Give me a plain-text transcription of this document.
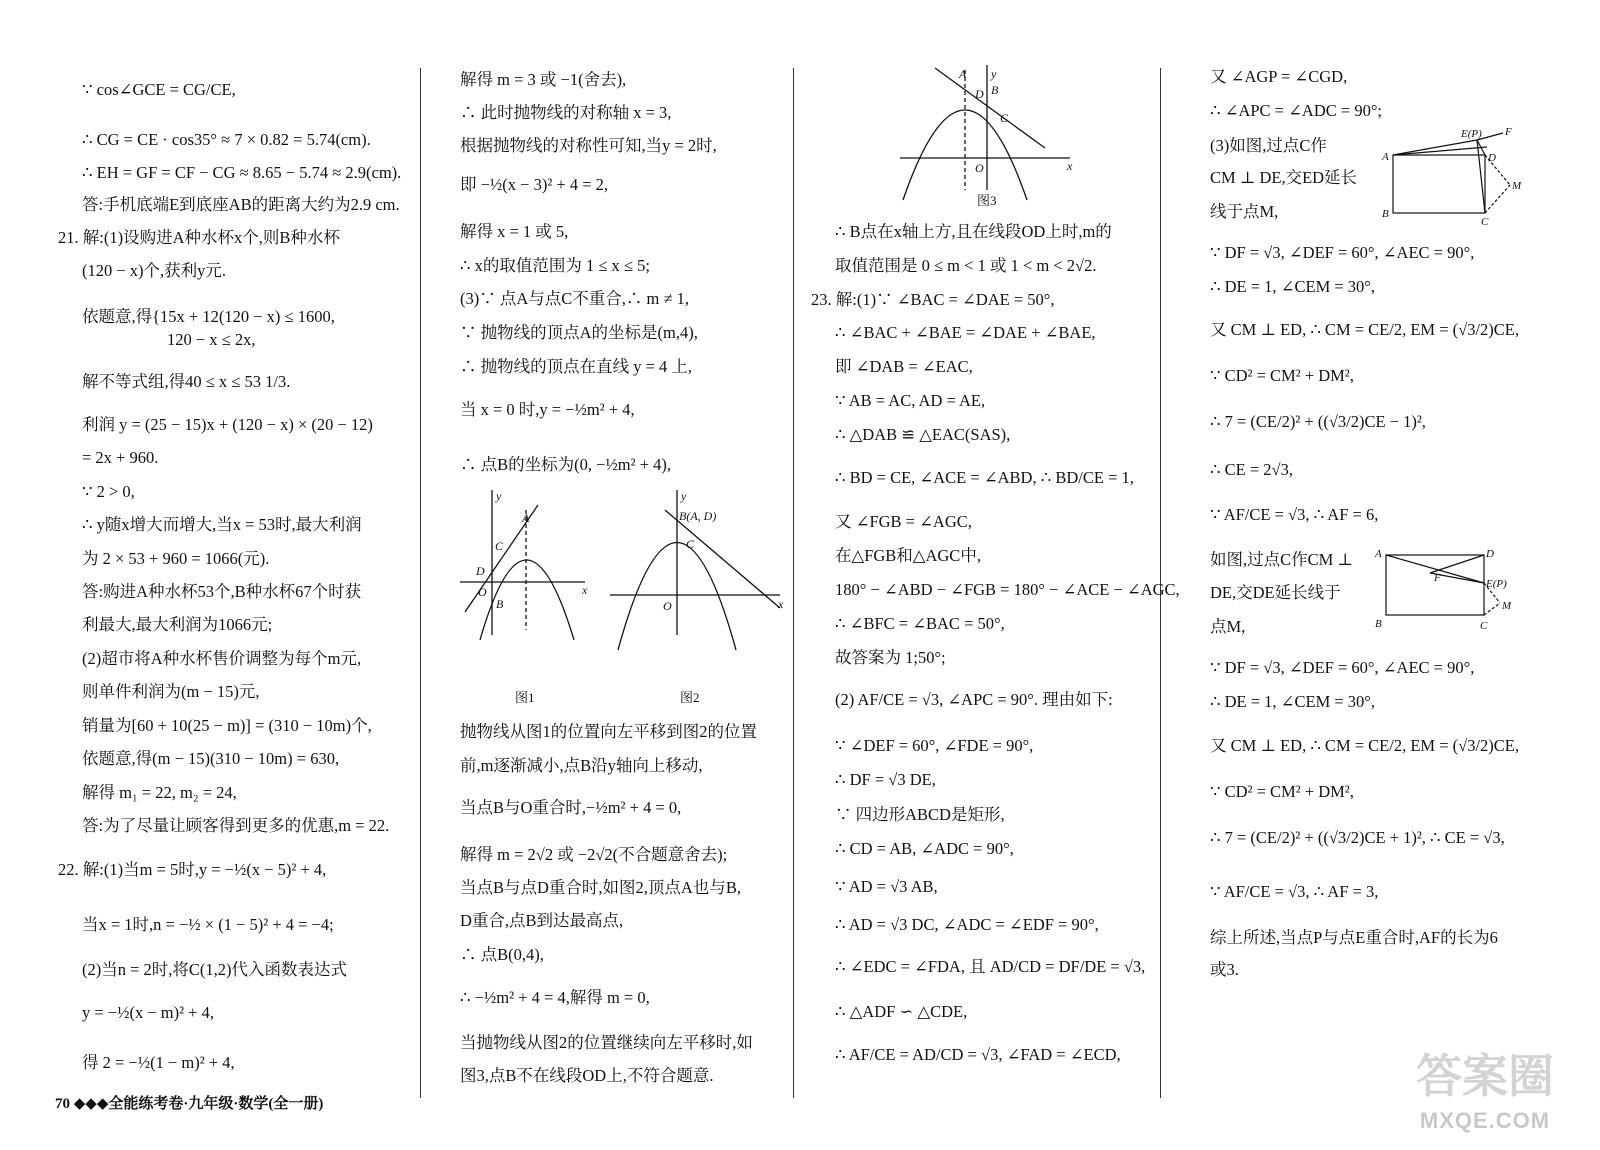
∵ cos∠GCE = CG/CE,
∴ CG = CE · cos35° ≈ 7 × 0.82 = 5.74(cm).
∴ EH = GF = CF − CG ≈ 8.65 − 5.74 ≈ 2.9(cm).
答:手机底端E到底座AB的距离大约为2.9 cm.
21. 解:(1)设购进A种水杯x个,则B种水杯
(120 − x)个,获利y元.
依题意,得{15x + 12(120 − x) ≤ 1600,
120 − x ≤ 2x,
解不等式组,得40 ≤ x ≤ 53 1/3.
利润 y = (25 − 15)x + (120 − x) × (20 − 12)
= 2x + 960.
∵ 2 > 0,
∴ y随x增大而增大,当x = 53时,最大利润
为 2 × 53 + 960 = 1066(元).
答:购进A种水杯53个,B种水杯67个时获
利最大,最大利润为1066元;
(2)超市将A种水杯售价调整为每个m元,
则单件利润为(m − 15)元,
销量为[60 + 10(25 − m)] = (310 − 10m)个,
依题意,得(m − 15)(310 − 10m) = 630,
解得 m₁ = 22, m₂ = 24,
答:为了尽量让顾客得到更多的优惠,m = 22.
22. 解:(1)当m = 5时,y = −½(x − 5)² + 4,
当x = 1时,n = −½ × (1 − 5)² + 4 = −4;
(2)当n = 2时,将C(1,2)代入函数表达式
y = −½(x − m)² + 4,
得 2 = −½(1 − m)² + 4,
解得 m = 3 或 −1(舍去),
∴ 此时抛物线的对称轴 x = 3,
根据抛物线的对称性可知,当y = 2时,
即 −½(x − 3)² + 4 = 2,
解得 x = 1 或 5,
∴ x的取值范围为 1 ≤ x ≤ 5;
(3)∵ 点A与点C不重合,∴ m ≠ 1,
∵ 抛物线的顶点A的坐标是(m,4),
∴ 抛物线的顶点在直线 y = 4 上,
当 x = 0 时,y = −½m² + 4,
∴ 点B的坐标为(0, −½m² + 4),
y
A
C
D
O
B
x
y
B(A, D)
C
O	x
图1	图2
抛物线从图1的位置向左平移到图2的位置
前,m逐渐减小,点B沿y轴向上移动,
当点B与O重合时,−½m² + 4 = 0,
解得 m = 2√2 或 −2√2(不合题意舍去);
当点B与点D重合时,如图2,顶点A也与B,
D重合,点B到达最高点,
∴ 点B(0,4),
∴ −½m² + 4 = 4,解得 m = 0,
当抛物线从图2的位置继续向左平移时,如
图3,点B不在线段OD上,不符合题意.
A y
B
D
C
O	x
图3
∴ B点在x轴上方,且在线段OD上时,m的
取值范围是 0 ≤ m < 1 或 1 < m < 2√2.
23. 解:(1)∵ ∠BAC = ∠DAE = 50°,
∴ ∠BAC + ∠BAE = ∠DAE + ∠BAE,
即 ∠DAB = ∠EAC,
∵ AB = AC, AD = AE,
∴ △DAB ≌ △EAC(SAS),
∴ BD = CE, ∠ACE = ∠ABD, ∴ BD/CE = 1,
又 ∠FGB = ∠AGC,
在△FGB和△AGC中,
180° − ∠ABD − ∠FGB = 180° − ∠ACE − ∠AGC,
∴ ∠BFC = ∠BAC = 50°,
故答案为 1;50°;
(2) AF/CE = √3, ∠APC = 90°. 理由如下:
∵ ∠DEF = 60°, ∠FDE = 90°,
∴ DF = √3 DE,
∵ 四边形ABCD是矩形,
∴ CD = AB, ∠ADC = 90°,
∵ AD = √3 AB,
∴ AD = √3 DC, ∠ADC = ∠EDF = 90°,
∴ ∠EDC = ∠FDA, 且 AD/CD = DF/DE = √3,
∴ △ADF ∽ △CDE,
∴ AF/CE = AD/CD = √3, ∠FAD = ∠ECD,
又 ∠AGP = ∠CGD,
∴ ∠APC = ∠ADC = 90°;
(3)如图,过点C作
CM ⊥ DE,交ED延长
线于点M,
A
E(P) F
D
M
B
C
∵ DF = √3, ∠DEF = 60°, ∠AEC = 90°,
∴ DE = 1, ∠CEM = 30°,
又 CM ⊥ ED, ∴ CM = CE/2, EM = (√3/2)CE,
∵ CD² = CM² + DM²,
∴ 7 = (CE/2)² + ((√3/2)CE − 1)²,
∴ CE = 2√3,
∵ AF/CE = √3, ∴ AF = 6,
如图,过点C作CM ⊥
DE,交DE延长线于
点M,
A	D
F	E(P)
M
B	C
∵ DF = √3, ∠DEF = 60°, ∠AEC = 90°,
∴ DE = 1, ∠CEM = 30°,
又 CM ⊥ ED, ∴ CM = CE/2, EM = (√3/2)CE,
∵ CD² = CM² + DM²,
∴ 7 = (CE/2)² + ((√3/2)CE + 1)², ∴ CE = √3,
∵ AF/CE = √3, ∴ AF = 3,
综上所述,当点P与点E重合时,AF的长为6
或3.
70 ◆◆◆全能练考卷·九年级·数学(全一册)
答案圈
MXQE.COM
